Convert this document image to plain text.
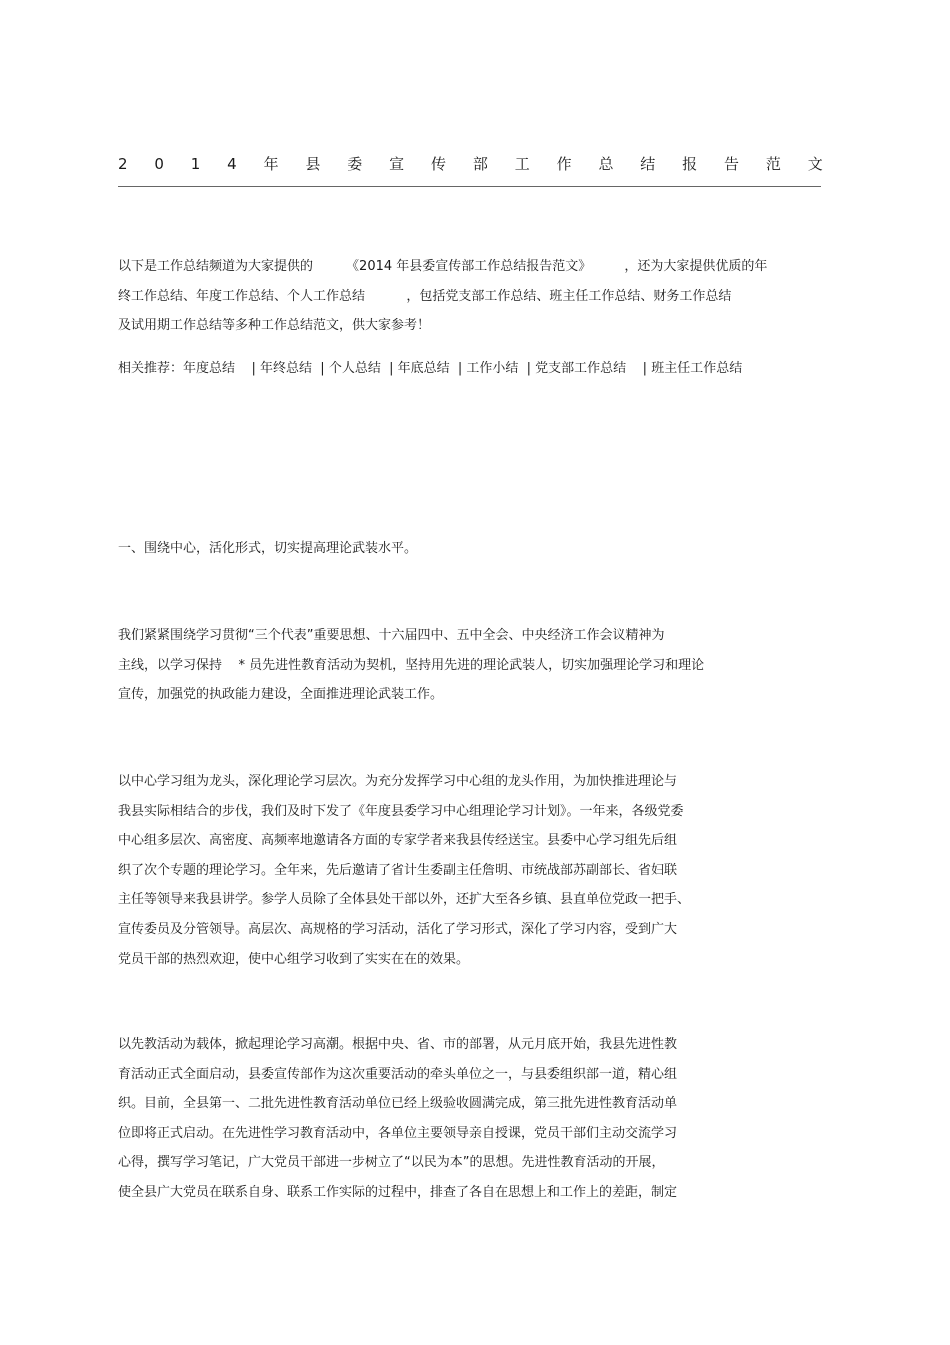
2 0 1 4 年 县 委 宣 传 部 工 作 总 结 报 告 范 文
以下是工作总结频道为大家提供的        《2014 年县委宣传部工作总结报告范文》        ，还为大家提供优质的年
终工作总结、年度工作总结、个人工作总结          ，包括党支部工作总结、班主任工作总结、财务工作总结
及试用期工作总结等多种工作总结范文，供大家参考！
相关推荐：年度总结    | 年终总结  | 个人总结  | 年底总结  | 工作小结  | 党支部工作总结    | 班主任工作总结
一、围绕中心，活化形式，切实提高理论武装水平。
我们紧紧围绕学习贯彻“三个代表”重要思想、十六届四中、五中全会、中央经济工作会议精神为
主线，以学习保持    * 员先进性教育活动为契机，坚持用先进的理论武装人，切实加强理论学习和理论
宣传，加强党的执政能力建设，全面推进理论武装工作。
以中心学习组为龙头，深化理论学习层次。为充分发挥学习中心组的龙头作用，为加快推进理论与
我县实际相结合的步伐，我们及时下发了《年度县委学习中心组理论学习计划》。一年来，各级党委
中心组多层次、高密度、高频率地邀请各方面的专家学者来我县传经送宝。县委中心学习组先后组
织了次个专题的理论学习。全年来，先后邀请了省计生委副主任詹明、市统战部苏副部长、省妇联
主任等领导来我县讲学。参学人员除了全体县处干部以外，还扩大至各乡镇、县直单位党政一把手、
宣传委员及分管领导。高层次、高规格的学习活动，活化了学习形式，深化了学习内容，受到广大
党员干部的热烈欢迎，使中心组学习收到了实实在在的效果。
以先教活动为载体，掀起理论学习高潮。根据中央、省、市的部署，从元月底开始，我县先进性教
育活动正式全面启动，县委宣传部作为这次重要活动的牵头单位之一，与县委组织部一道，精心组
织。目前，全县第一、二批先进性教育活动单位已经上级验收圆满完成，第三批先进性教育活动单
位即将正式启动。在先进性学习教育活动中，各单位主要领导亲自授课，党员干部们主动交流学习
心得，撰写学习笔记，广大党员干部进一步树立了“以民为本”的思想。先进性教育活动的开展，
使全县广大党员在联系自身、联系工作实际的过程中，排查了各自在思想上和工作上的差距，制定
